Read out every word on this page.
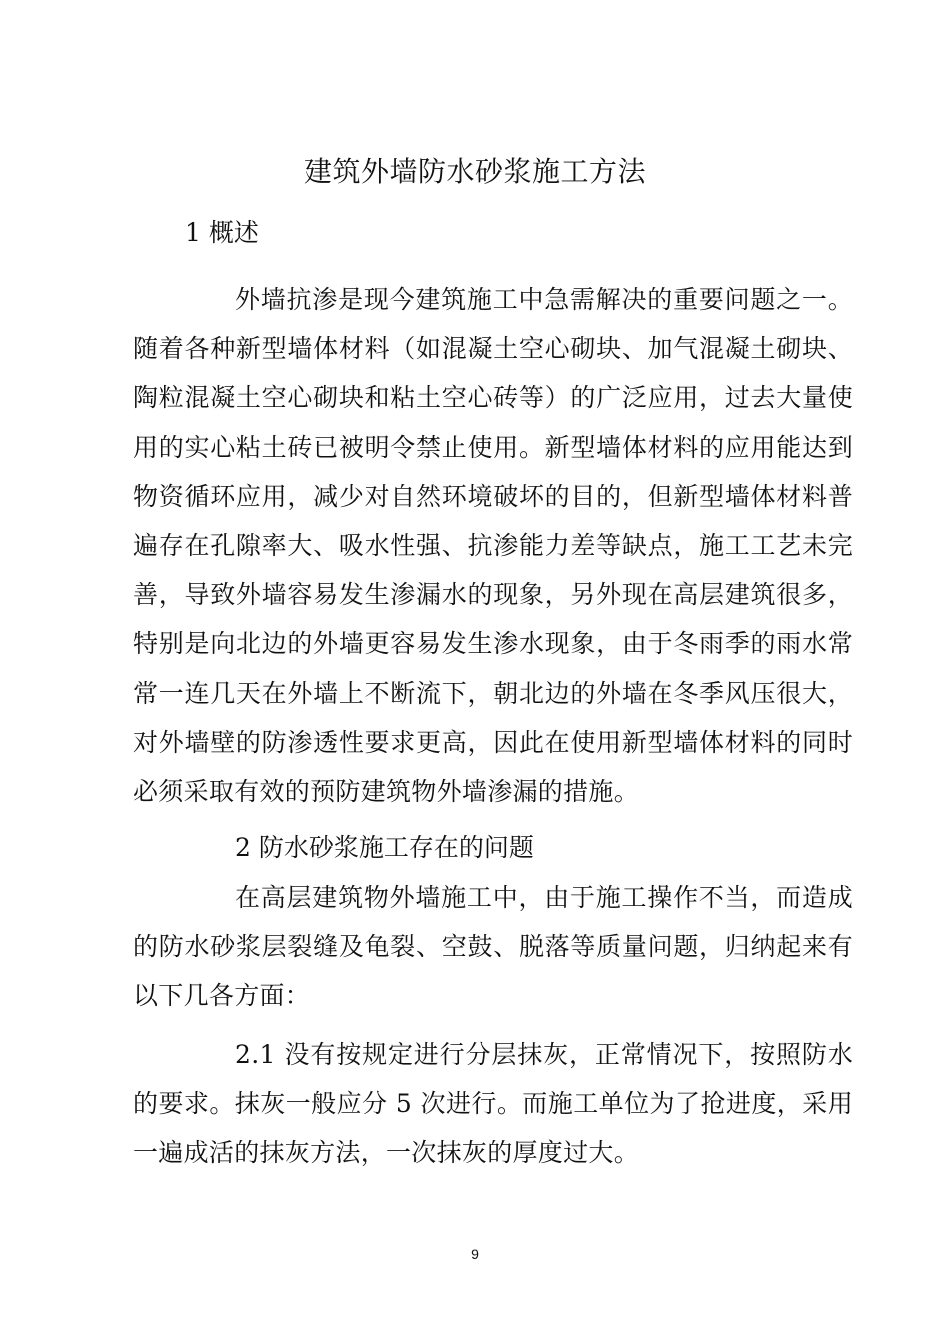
建筑外墙防水砂浆施工方法
1 概述
外墙抗渗是现今建筑施工中急需解决的重要问题之一。随着各种新型墙体材料（如混凝土空心砌块、加气混凝土砌块、陶粒混凝土空心砌块和粘土空心砖等）的广泛应用，过去大量使用的实心粘土砖已被明令禁止使用。新型墙体材料的应用能达到物资循环应用，减少对自然环境破坏的目的，但新型墙体材料普遍存在孔隙率大、吸水性强、抗渗能力差等缺点，施工工艺未完善，导致外墙容易发生渗漏水的现象，另外现在高层建筑很多，特别是向北边的外墙更容易发生渗水现象，由于冬雨季的雨水常常一连几天在外墙上不断流下，朝北边的外墙在冬季风压很大，对外墙壁的防渗透性要求更高，因此在使用新型墙体材料的同时必须采取有效的预防建筑物外墙渗漏的措施。
2 防水砂浆施工存在的问题
在高层建筑物外墙施工中，由于施工操作不当，而造成的防水砂浆层裂缝及龟裂、空鼓、脱落等质量问题，归纳起来有以下几各方面：
2.1 没有按规定进行分层抹灰，正常情况下，按照防水的要求。抹灰一般应分 5 次进行。而施工单位为了抢进度，采用一遍成活的抹灰方法，一次抹灰的厚度过大。
9
